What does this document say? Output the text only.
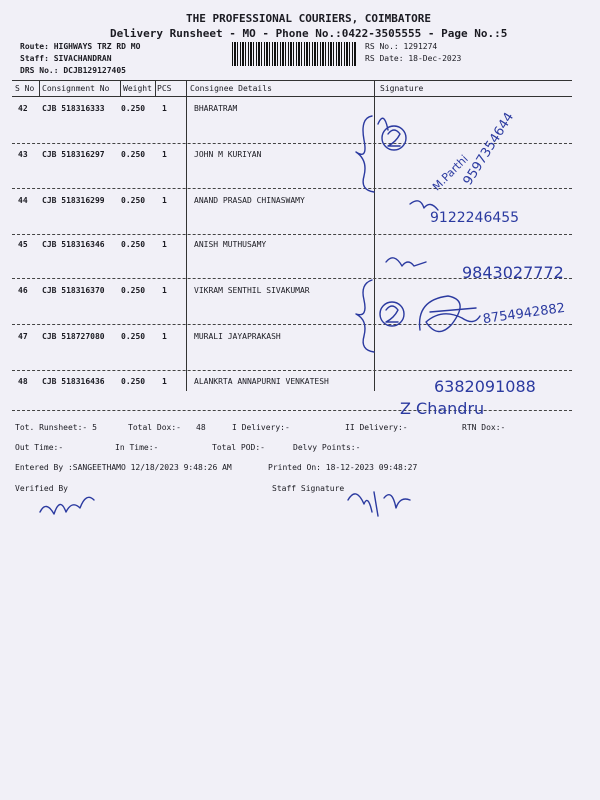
THE PROFESSIONAL COURIERS, COIMBATORE
Delivery Runsheet - MO - Phone No.:0422-3505555 - Page No.:5
Route: HIGHWAYS TRZ RD MO
Staff: SIVACHANDRAN
DRS No.: DCJB129127405
RS No.: 1291274
RS Date: 18-Dec-2023
S No Consignment No Weight PCS Consignee Details	Signature
42 CJB 518316333 0.250 1	BHARATRAM
43 CJB 518316297 0.250 1	JOHN M KURIYAN
44 CJB 518316299 0.250 1	ANAND PRASAD CHINASWAMY
45 CJB 518316346 0.250 1	ANISH MUTHUSAMY
46 CJB 518316370 0.250 1	VIKRAM SENTHIL SIVAKUMAR
47 CJB 518727080 0.250 1	MURALI JAYAPRAKASH
48 CJB 518316436 0.250 1	ALANKRTA ANNAPURNI VENKATESH
Tot. Runsheet:- 5	Total Dox:- 48	I Delivery:-	II Delivery:-	RTN Dox:-
Out Time:-	In Time:-	Total POD:-	Delvy Points:-
Entered By :SANGEETHAMO 12/18/2023 9:48:26 AM	Printed On: 18-12-2023 09:48:27
Verified By	Staff Signature
9597354644
M.Parthi
9122246455
9843027772
8754942882
6382091088
Z Chandru
